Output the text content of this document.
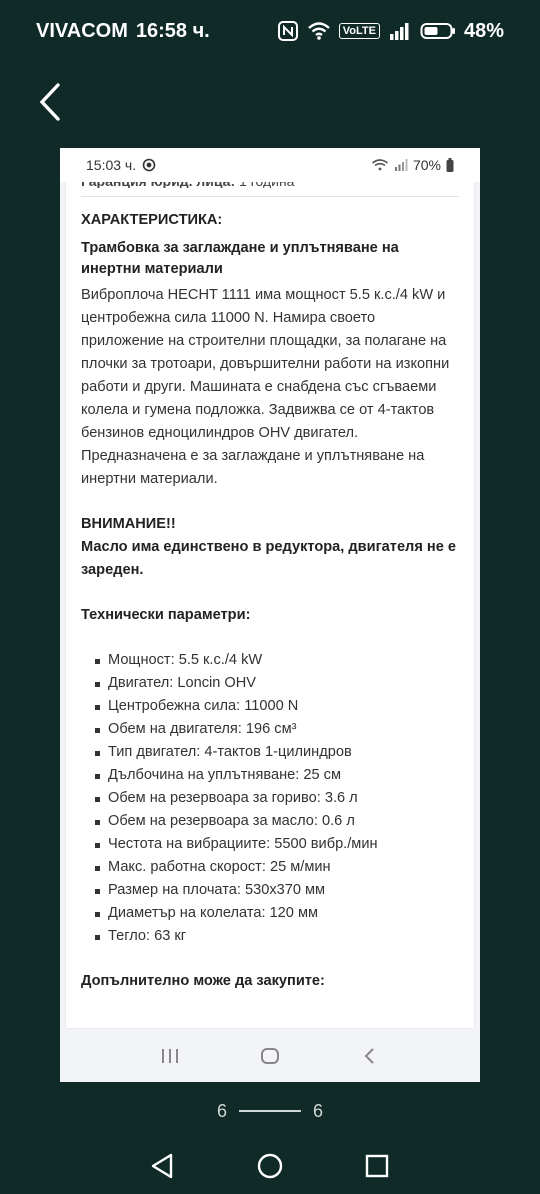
VIVACOM 16:58 ч.	VoLTE	48%
ХАРАКТЕРИСТИКА:
Трамбовка за заглаждане и уплътняване на инертни материали

Виброплоча HECHT 1111 има мощност 5.5 к.с./4 kW и центробежна сила 11000 N. Намира своето приложение на строителни площадки, за полагане на плочки за тротоари, довършителни работи на изкопни работи и други. Машината е снабдена със сгъваеми колела и гумена подложка. Задвижва се от 4-тактов бензинов едноцилиндров OHV двигател. Предназначена е за заглаждане и уплътняване на инертни материали.

ВНИМАНИЕ!!
Масло има единствено в редуктора, двигателя не е зареден.
Технически параметри:
Мощност: 5.5 к.с./4 kW
Двигател: Loncin OHV
Центробежна сила: 11000 N
Обем на двигателя: 196 см³
Тип двигател: 4-тактов 1-цилиндров
Дълбочина на уплътняване: 25 см
Обем на резервоара за гориво: 3.6 л
Обем на резервоара за масло: 0.6 л
Честота на вибрациите: 5500 вибр./мин
Макс. работна скорост: 25 м/мин
Размер на плочата: 530x370 мм
Диаметър на колелата: 120 мм
Тегло: 63 кг
Допълнително може да закупите:
15:03 ч.	70%
6	6
